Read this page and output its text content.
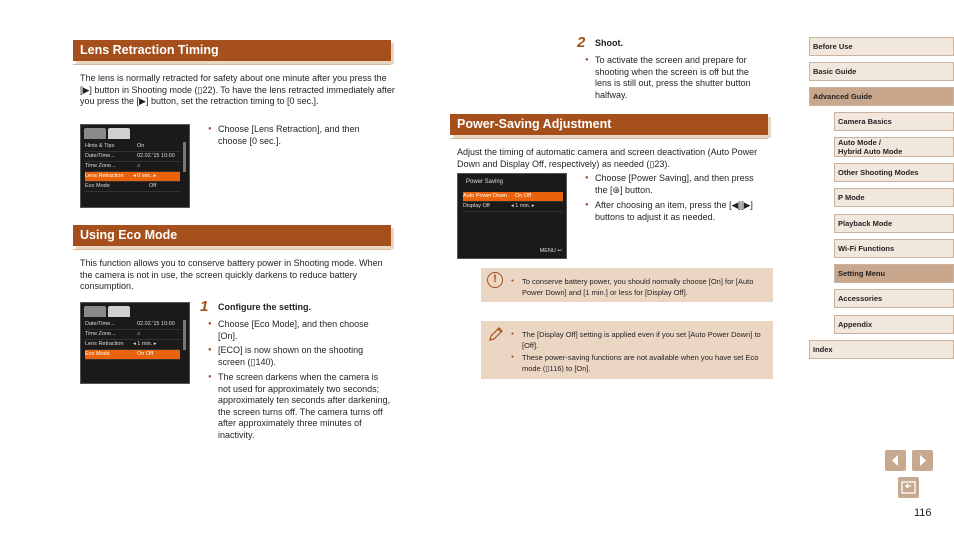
Lens Retraction Timing
The lens is normally retracted for safety about one minute after you press the [▶] button in Shooting mode (▯22). To have the lens retracted immediately after you press the [▶] button, set the retraction timing to [0 sec.].
Hints & Tips	On
Date/Time...	02.02.'15 10:00
Time Zone...	⌂
Lens Retraction ◂ 0 sec. ▸
Eco Mode	Off
● Choose [Lens Retraction], and then choose [0 sec.].
Using Eco Mode
This function allows you to conserve battery power in Shooting mode. When the camera is not in use, the screen quickly darkens to reduce battery consumption.
Date/Time...	02.02.'15 10:00
Time Zone...	⌂
Lens Retraction ◂ 1 min. ▸
Eco Mode	On Off
1 Configure the setting.
● Choose [Eco Mode], and then choose [On].
● [ECO] is now shown on the shooting screen (▯140).
● The screen darkens when the camera is not used for approximately two seconds; approximately ten seconds after darkening, the screen turns off. The camera turns off after approximately three minutes of inactivity.
2 Shoot.
● To activate the screen and prepare for shooting when the screen is off but the lens is still out, press the shutter button halfway.
Power-Saving Adjustment
Adjust the timing of automatic camera and screen deactivation (Auto Power Down and Display Off, respectively) as needed (▯23).
Power Saving
Auto Power Down On Off
Display Off	◂ 1 min. ▸
MENU ↩
● Choose [Power Saving], and then press the [⊛] button.
● After choosing an item, press the [◀][▶] buttons to adjust it as needed.
!
●	To conserve battery power, you should normally choose [On] for [Auto Power Down] and [1 min.] or less for [Display Off].
● The [Display Off] setting is applied even if you set [Auto Power Down] to [Off].
● These power-saving functions are not available when you have set Eco mode (▯116) to [On].
Before Use
Basic Guide
Advanced Guide
Camera Basics
Auto Mode /
Hybrid Auto Mode
Other Shooting Modes
P Mode
Playback Mode
Wi-Fi Functions
Setting Menu
Accessories
Appendix
Index
116
